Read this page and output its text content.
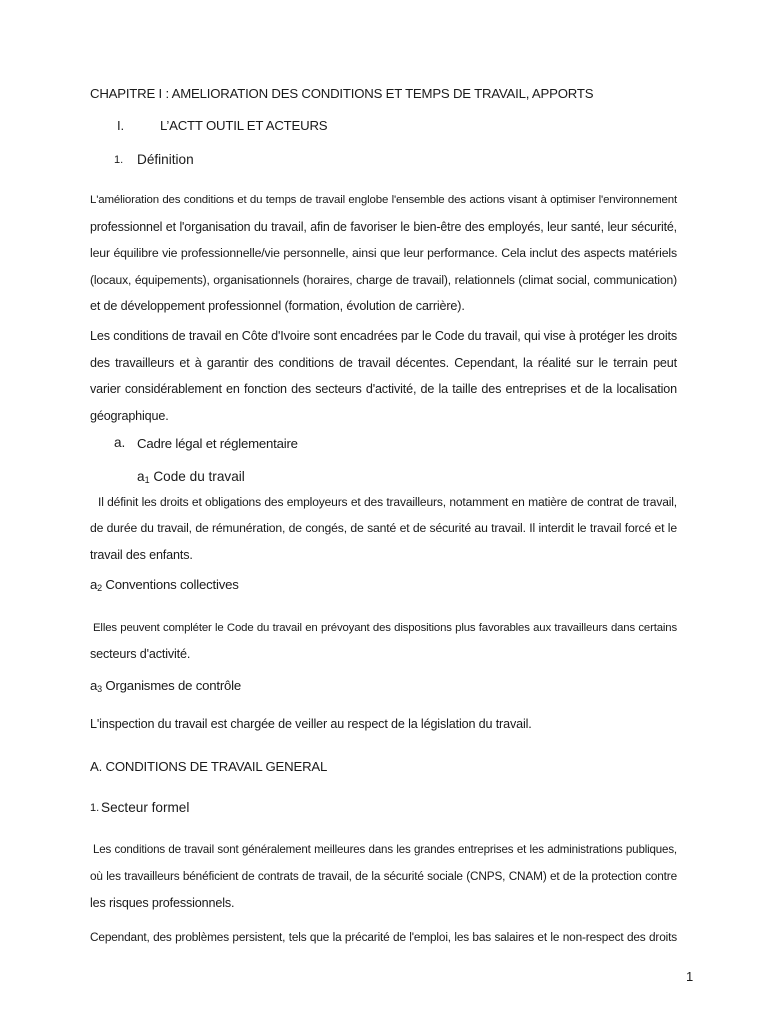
CHAPITRE I : AMELIORATION DES CONDITIONS ET TEMPS DE TRAVAIL, APPORTS
I.	L’ACTT OUTIL ET ACTEURS
1. Définition
L'amélioration des conditions et du temps de travail englobe l'ensemble des actions visant à optimiser l'environnement
professionnel et l'organisation du travail, afin de favoriser le bien-être des employés, leur santé, leur sécurité,
leur équilibre vie professionnelle/vie personnelle, ainsi que leur performance. Cela inclut des aspects matériels
(locaux, équipements), organisationnels (horaires, charge de travail), relationnels (climat social, communication)
et de développement professionnel (formation, évolution de carrière).
Les conditions de travail en Côte d'Ivoire sont encadrées par le Code du travail, qui vise à protéger les droits
des travailleurs et à garantir des conditions de travail décentes. Cependant, la réalité sur le terrain peut
varier considérablement en fonction des secteurs d'activité, de la taille des entreprises et de la localisation
géographique.
a. Cadre légal et réglementaire
$a_1$ Code du travail
Il définit les droits et obligations des employeurs et des travailleurs, notamment en matière de contrat de travail,
de durée du travail, de rémunération, de congés, de santé et de sécurité au travail. Il interdit le travail forcé et le
travail des enfants.
$a_2$ Conventions collectives
Elles peuvent compléter le Code du travail en prévoyant des dispositions plus favorables aux travailleurs dans certains
secteurs d'activité.
$a_3$ Organismes de contrôle
L'inspection du travail est chargée de veiller au respect de la législation du travail.
A. CONDITIONS DE TRAVAIL GENERAL
1. Secteur formel
Les conditions de travail sont généralement meilleures dans les grandes entreprises et les administrations publiques,
où les travailleurs bénéficient de contrats de travail, de la sécurité sociale (CNPS, CNAM) et de la protection contre
les risques professionnels.
Cependant, des problèmes persistent, tels que la précarité de l'emploi, les bas salaires et le non-respect des droits
1
